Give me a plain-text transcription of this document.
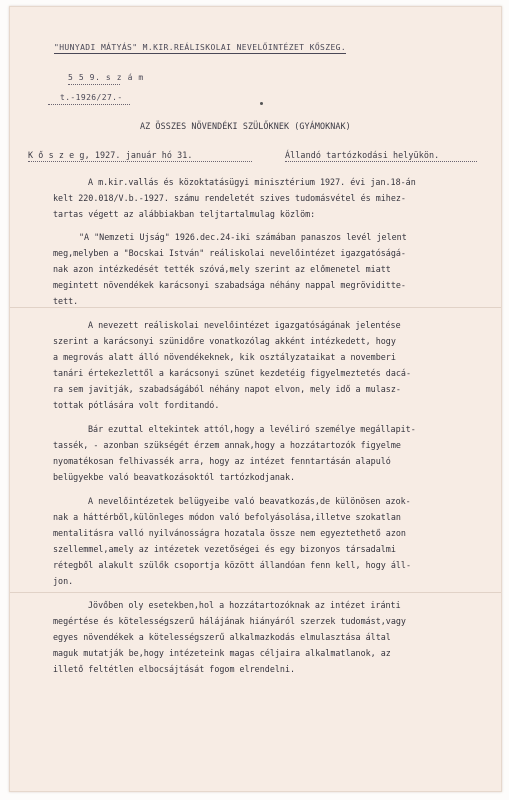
"HUNYADI MÁTYÁS" M.KIR.REÁLISKOLAI NEVELŐINTÉZET KŐSZEG.
5 5 9. s z á m
t.-1926/27.-
AZ ÖSSZES NÖVENDÉKI SZÜLŐKNEK (GYÁMOKNAK)
K ő s z e g, 1927. január hó 31.	Állandó tartózkodási helyükön.
A m.kir.vallás és közoktatásügyi minisztérium 1927. évi jan.18-án
kelt 220.018/V.b.-1927. számu rendeletét szives tudomásvétel és mihez-
tartas végett az alábbiakban teljtartalmulag közlöm:
"A "Nemzeti Ujság" 1926.dec.24-iki számában panaszos levél jelent
meg,melyben a "Bocskai István" reáliskolai nevelőintézet igazgatóságá-
nak azon intézkedését tették szóvá,mely szerint az előmenetel miatt
megintett növendékek karácsonyi szabadsága néhány nappal megröviditte-
tett.
A nevezett reáliskolai nevelőintézet igazgatóságának jelentése
szerint a karácsonyi szünidőre vonatkozólag akként intézkedett, hogy
a megrovás alatt álló növendékeknek, kik osztályzataikat a novemberi
tanári értekezlettől a karácsonyi szünet kezdetéig figyelmeztetés dacá-
ra sem javitják, szabadságából néhány napot elvon, mely idő a mulasz-
tottak pótlására volt forditandó.
Bár ezuttal eltekintek attól,hogy a levéliró személye megállapit-
tassék, - azonban szükségét érzem annak,hogy a hozzátartozók figyelme
nyomatékosan felhivassék arra, hogy az intézet fenntartásán alapuló
belügyekbe való beavatkozásoktól tartózkodjanak.
A nevelőintézetek belügyeibe való beavatkozás,de különösen azok-
nak a háttérből,különleges módon való befolyásolása,illetve szokatlan
mentalitásra valló nyilvánosságra hozatala össze nem egyeztethető azon
szellemmel,amely az intézetek vezetőségei és egy bizonyos társadalmi
rétegből alakult szülők csoportja között állandóan fenn kell, hogy áll-
jon.
Jövőben oly esetekben,hol a hozzátartozóknak az intézet iránti
megértése és kötelességszerű hálájának hiányáról szerzek tudomást,vagy
egyes növendékek a kötelességszerű alkalmazkodás elmulasztása által
maguk mutatják be,hogy intézeteink magas céljaira alkalmatlanok, az
illető feltétlen elbocsájtását fogom elrendelni.
